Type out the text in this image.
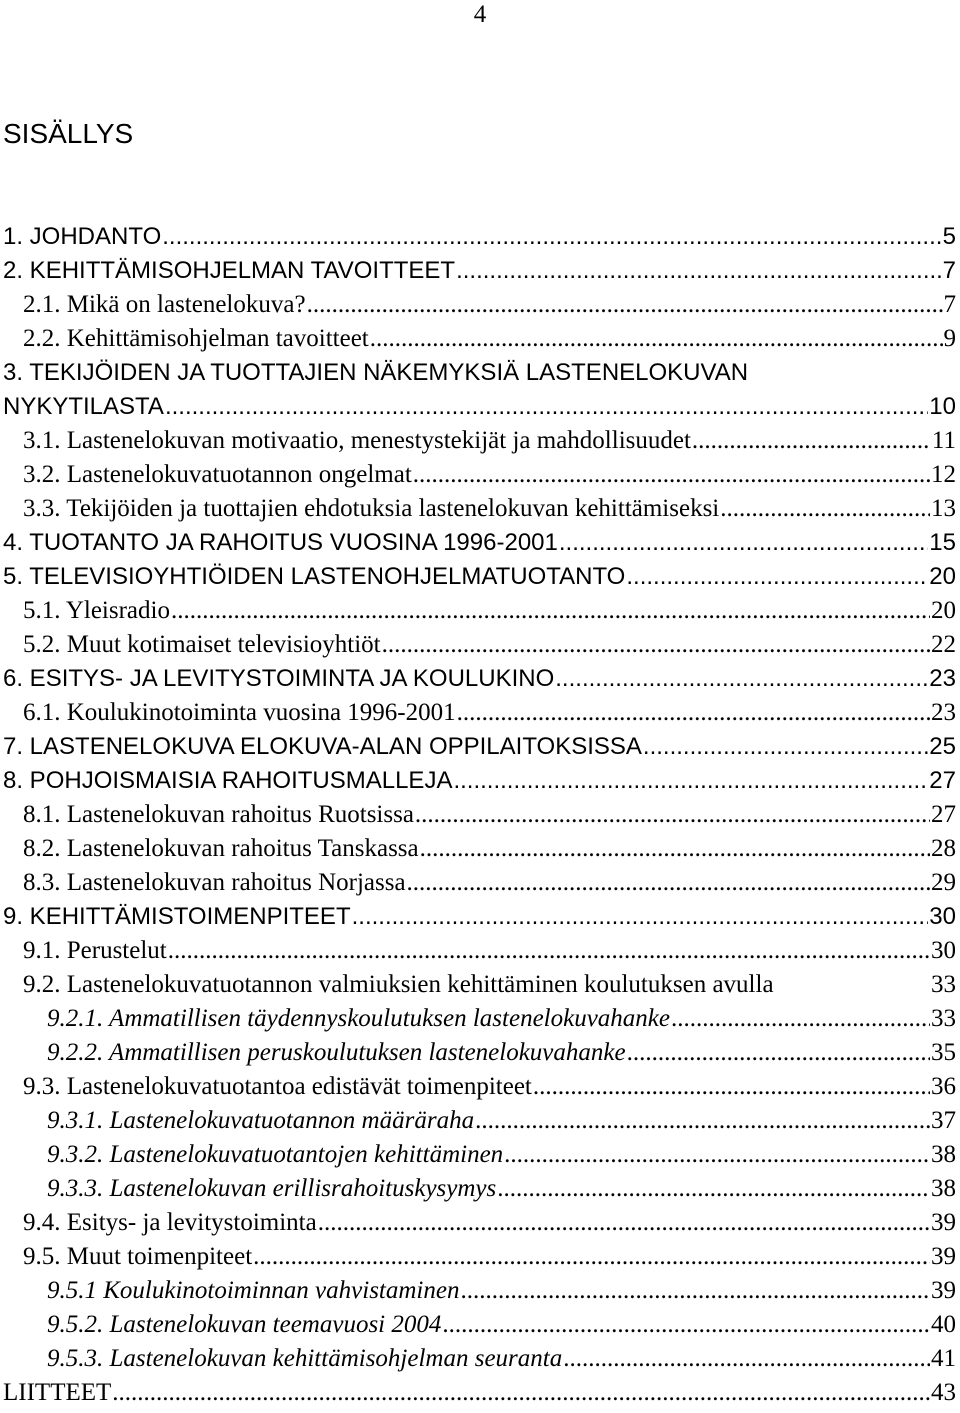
4
SISÄLLYS
1. JOHDANTO .....	5
2. KEHITTÄMISOHJELMAN TAVOITTEET .....	7
2.1. Mikä on lastenelokuva? .....	7
2.2. Kehittämisohjelman tavoitteet .....	9
3. TEKIJÖIDEN JA TUOTTAJIEN NÄKEMYKSIÄ LASTENELOKUVAN
NYKYTILASTA .....	10
3.1. Lastenelokuvan motivaatio, menestystekijät ja mahdollisuudet .....	11
3.2. Lastenelokuvatuotannon ongelmat .....	12
3.3. Tekijöiden ja tuottajien ehdotuksia lastenelokuvan kehittämiseksi .....	13
4. TUOTANTO JA RAHOITUS VUOSINA 1996-2001 .....	15
5. TELEVISIOYHTIÖIDEN LASTENOHJELMATUOTANTO .....	20
5.1. Yleisradio .....	20
5.2. Muut kotimaiset televisioyhtiöt .....	22
6. ESITYS- JA LEVITYSTOIMINTA JA KOULUKINO .....	23
6.1. Koulukinotoiminta vuosina 1996-2001 .....	23
7. LASTENELOKUVA ELOKUVA-ALAN OPPILAITOKSISSA .....	25
8. POHJOISMAISIA RAHOITUSMALLEJA .....	27
8.1. Lastenelokuvan rahoitus Ruotsissa .....	27
8.2. Lastenelokuvan rahoitus Tanskassa .....	28
8.3. Lastenelokuvan rahoitus Norjassa .....	29
9. KEHITTÄMISTOIMENPITEET .....	30
9.1. Perustelut .....	30
9.2. Lastenelokuvatuotannon valmiuksien kehittäminen koulutuksen avulla	33
9.2.1. Ammatillisen täydennyskoulutuksen lastenelokuvahanke .....	33
9.2.2. Ammatillisen peruskoulutuksen lastenelokuvahanke .....	35
9.3. Lastenelokuvatuotantoa edistävät toimenpiteet .....	36
9.3.1. Lastenelokuvatuotannon määräraha .....	37
9.3.2. Lastenelokuvatuotantojen kehittäminen .....	38
9.3.3. Lastenelokuvan erillisrahoituskysymys .....	38
9.4. Esitys- ja levitystoiminta .....	39
9.5. Muut toimenpiteet .....	39
9.5.1 Koulukinotoiminnan vahvistaminen .....	39
9.5.2. Lastenelokuvan teemavuosi 2004 .....	40
9.5.3. Lastenelokuvan kehittämisohjelman seuranta .....	41
LIITTEET .....	43
